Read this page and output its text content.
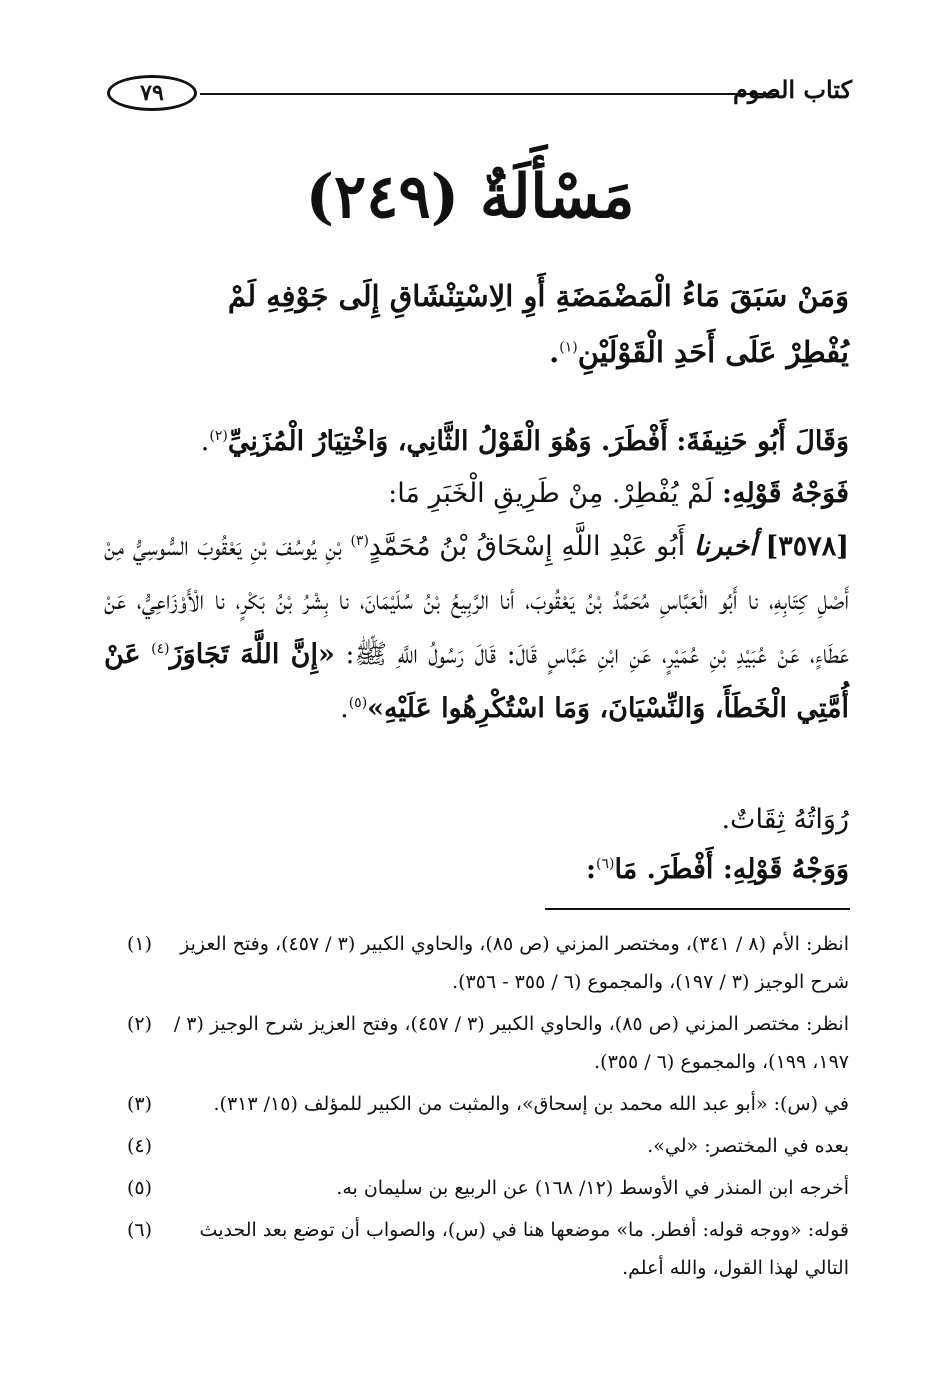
٧٩	كتاب الصوم
مَسْأَلَةٌ (٢٤٩)

وَمَنْ سَبَقَ مَاءُ الْمَضْمَضَةِ أَوِ الِاسْتِنْشَاقِ إِلَى جَوْفِهِ لَمْ يُفْطِرْ عَلَى أَحَدِ الْقَوْلَيْنِ$^{(١)}$.

وَقَالَ أَبُو حَنِيفَةَ: أَفْطَرَ. وَهُوَ الْقَوْلُ الثَّانِي، وَاخْتِيَارُ الْمُزَنِيِّ$^{(٢)}$.

فَوَجْهُ قَوْلِهِ: لَمْ يُفْطِرْ. مِنْ طَرِيقِ الْخَبَرِ مَا:

[٣٥٧٨] أخبرنا أَبُو عَبْدِ اللَّهِ إِسْحَاقُ بْنُ مُحَمَّدٍ$^{(٣)}$ بْنِ يُوسُفَ بْنِ يَعْقُوبَ السُّوسِيُّ مِنْ أَصْلِ كِتَابِهِ، نا أَبُو الْعَبَّاسِ مُحَمَّدُ بْنُ يَعْقُوبَ، أنا الرَّبِيعُ بْنُ سُلَيْمَانَ، نا بِشْرُ بْنُ بَكْرٍ، نا الْأَوْزَاعِيُّ، عَنْ عَطَاءٍ، عَنْ عُبَيْدِ بْنِ عُمَيْرٍ، عَنِ ابْنِ عَبَّاسٍ قَالَ: قَالَ رَسُولُ اللَّهِ ﷺ: «إِنَّ اللَّهَ تَجَاوَزَ$^{(٤)}$ عَنْ أُمَّتِي الْخَطَأَ، وَالنِّسْيَانَ، وَمَا اسْتُكْرِهُوا عَلَيْهِ»$^{(٥)}$.

رُوَاتُهُ ثِقَاتٌ.

وَوَجْهُ قَوْلِهِ: أَفْطَرَ. مَا$^{(٦)}$:

(١)	انظر: الأم (٨ / ٣٤١)، ومختصر المزني (ص ٨٥)، والحاوي الكبير (٣ / ٤٥٧)، وفتح العزيز شرح الوجيز (٣ / ١٩٧)، والمجموع (٦ / ٣٥٥ - ٣٥٦).
(٢)	انظر: مختصر المزني (ص ٨٥)، والحاوي الكبير (٣ / ٤٥٧)، وفتح العزيز شرح الوجيز (٣ / ١٩٧، ١٩٩)، والمجموع (٦ / ٣٥٥).
(٣)	في (س): «أبو عبد الله محمد بن إسحاق»، والمثبت من الكبير للمؤلف (١٥/ ٣١٣).
(٤)	بعده في المختصر: «لي».
(٥)	أخرجه ابن المنذر في الأوسط (١٢/ ١٦٨) عن الربيع بن سليمان به.
(٦)	قوله: «ووجه قوله: أفطر. ما» موضعها هنا في (س)، والصواب أن توضع بعد الحديث التالي لهذا القول، والله أعلم.
